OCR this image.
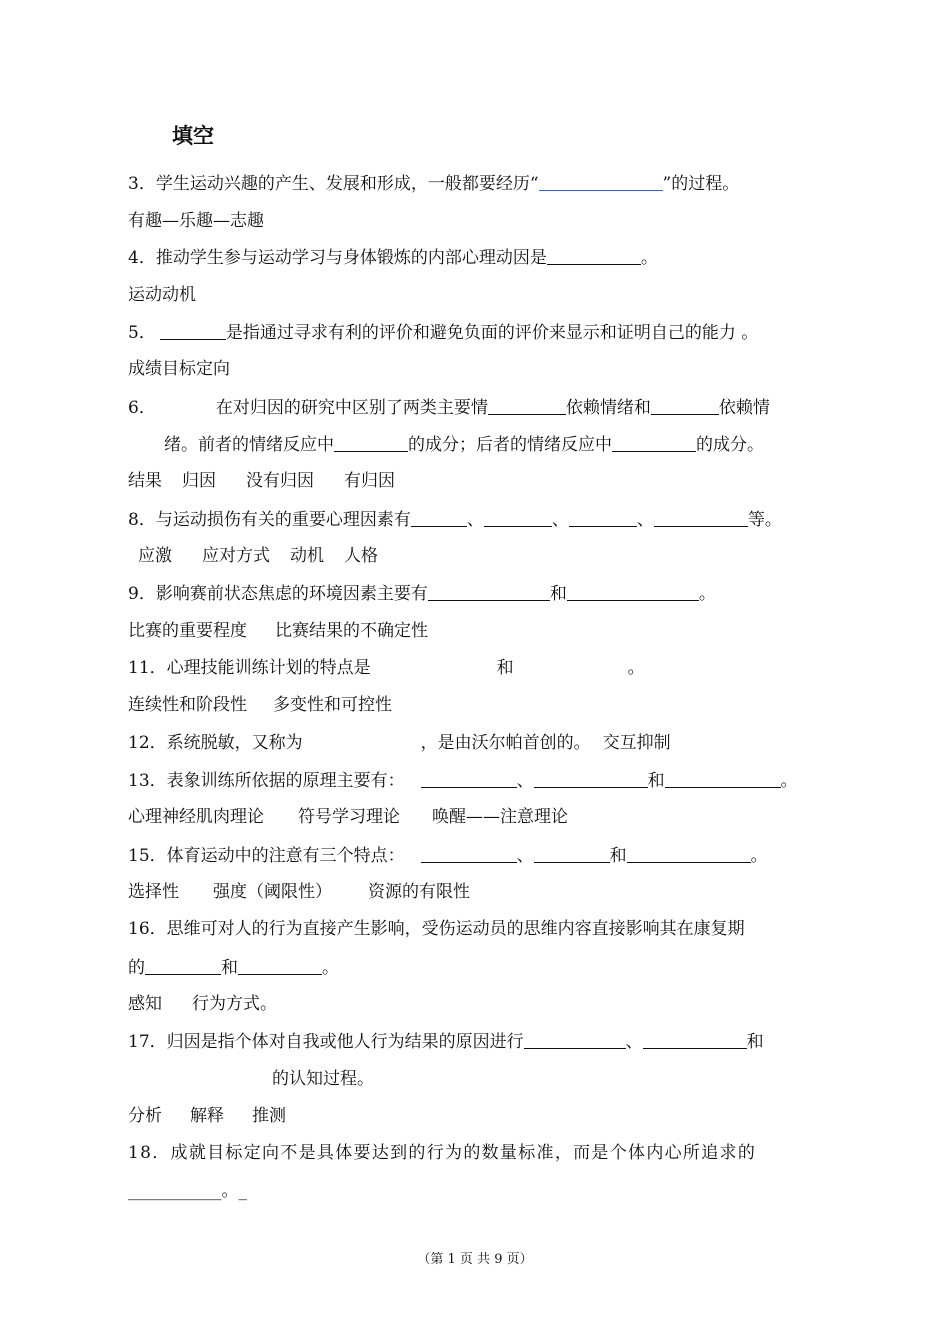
填空
3．学生运动兴趣的产生、发展和形成，一般都要经历“	”的过程。
有趣—乐趣—志趣
4．推动学生参与运动学习与身体锻炼的内部心理动因是	。
运动动机
5．	是指通过寻求有利的评价和避免负面的评价来显示和证明自己的能力 。
成绩目标定向
6．	在对归因的研究中区别了两类主要情	依赖情绪和	依赖情
绪。前者的情绪反应中	的成分；后者的情绪反应中	的成分。
结果 归因 没有归因 有归因
8．与运动损伤有关的重要心理因素有	、	、	、	等。
应激 应对方式 动机 人格
9．影响赛前状态焦虑的环境因素主要有	和	。
比赛的重要程度 比赛结果的不确定性
11．心理技能训练计划的特点是	和	。
连续性和阶段性 多变性和可控性
12．系统脱敏，又称为	，是由沃尔帕首创的。 交互抑制
13．表象训练所依据的原理主要有：	、	和	。
心理神经肌肉理论 符号学习理论 唤醒——注意理论
15．体育运动中的注意有三个特点：	、	和	。
选择性 强度（阈限性） 资源的有限性
16．思维可对人的行为直接产生影响，受伤运动员的思维内容直接影响其在康复期
的	和	。
感知 行为方式。
17．归因是指个体对自我或他人行为结果的原因进行	、	和
的认知过程。
分析 解释 推测
18．成就目标定向不是具体要达到的行为的数量标准，而是个体内心所追求的
___________。_
（第 1 页 共 9 页）
